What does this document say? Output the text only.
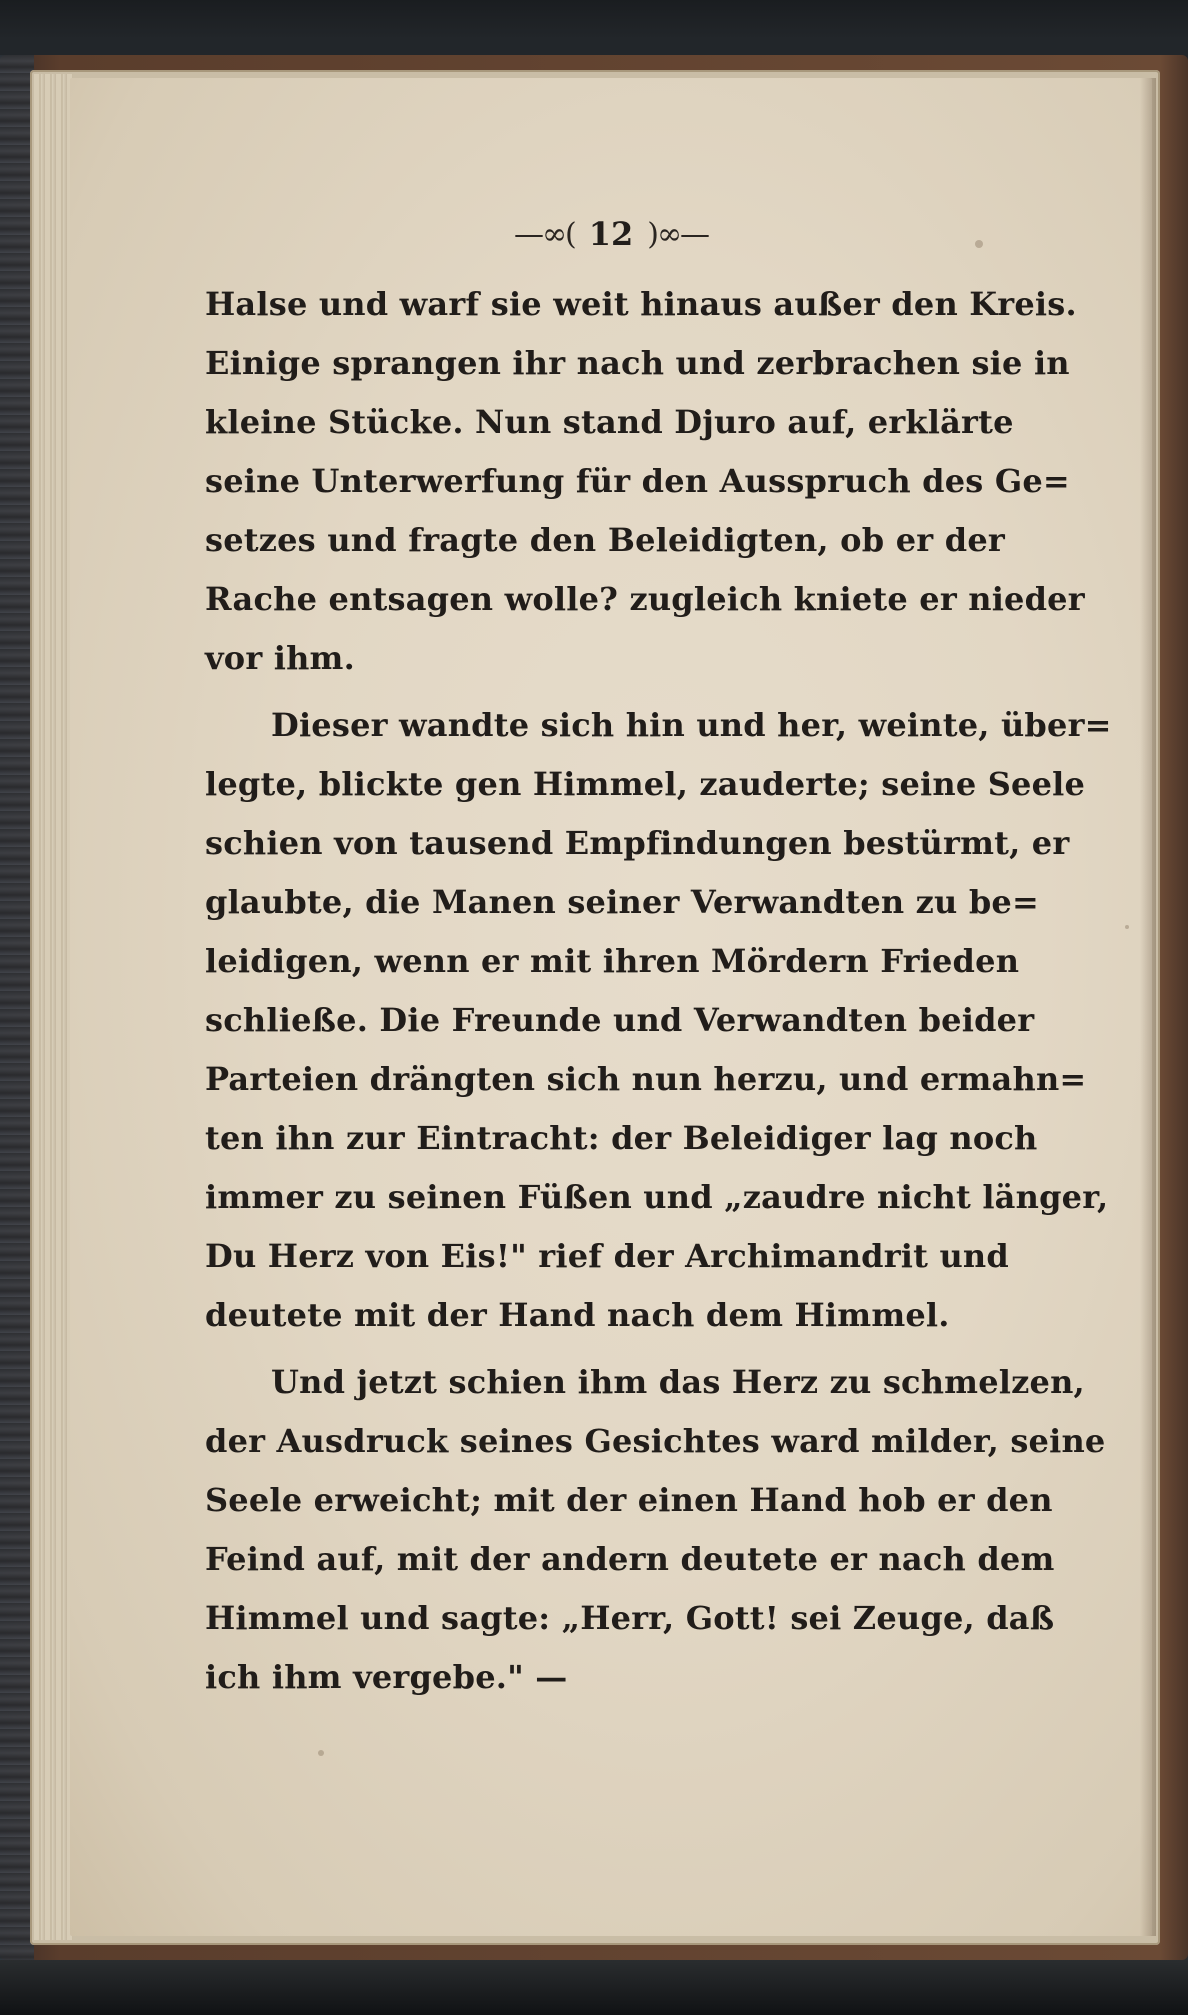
—∞( 12 )∞—
Halse und warf sie weit hinaus außer den Kreis.
Einige sprangen ihr nach und zerbrachen sie in
kleine Stücke. Nun stand Djuro auf, erklärte
seine Unterwerfung für den Ausspruch des Ge=
setzes und fragte den Beleidigten, ob er der
Rache entsagen wolle? zugleich kniete er nieder
vor ihm.
Dieser wandte sich hin und her, weinte, über=
legte, blickte gen Himmel, zauderte; seine Seele
schien von tausend Empfindungen bestürmt, er
glaubte, die Manen seiner Verwandten zu be=
leidigen, wenn er mit ihren Mördern Frieden
schließe. Die Freunde und Verwandten beider
Parteien drängten sich nun herzu, und ermahn=
ten ihn zur Eintracht: der Beleidiger lag noch
immer zu seinen Füßen und „zaudre nicht länger,
Du Herz von Eis!" rief der Archimandrit und
deutete mit der Hand nach dem Himmel.
Und jetzt schien ihm das Herz zu schmelzen,
der Ausdruck seines Gesichtes ward milder, seine
Seele erweicht; mit der einen Hand hob er den
Feind auf, mit der andern deutete er nach dem
Himmel und sagte: „Herr, Gott! sei Zeuge, daß
ich ihm vergebe." —
